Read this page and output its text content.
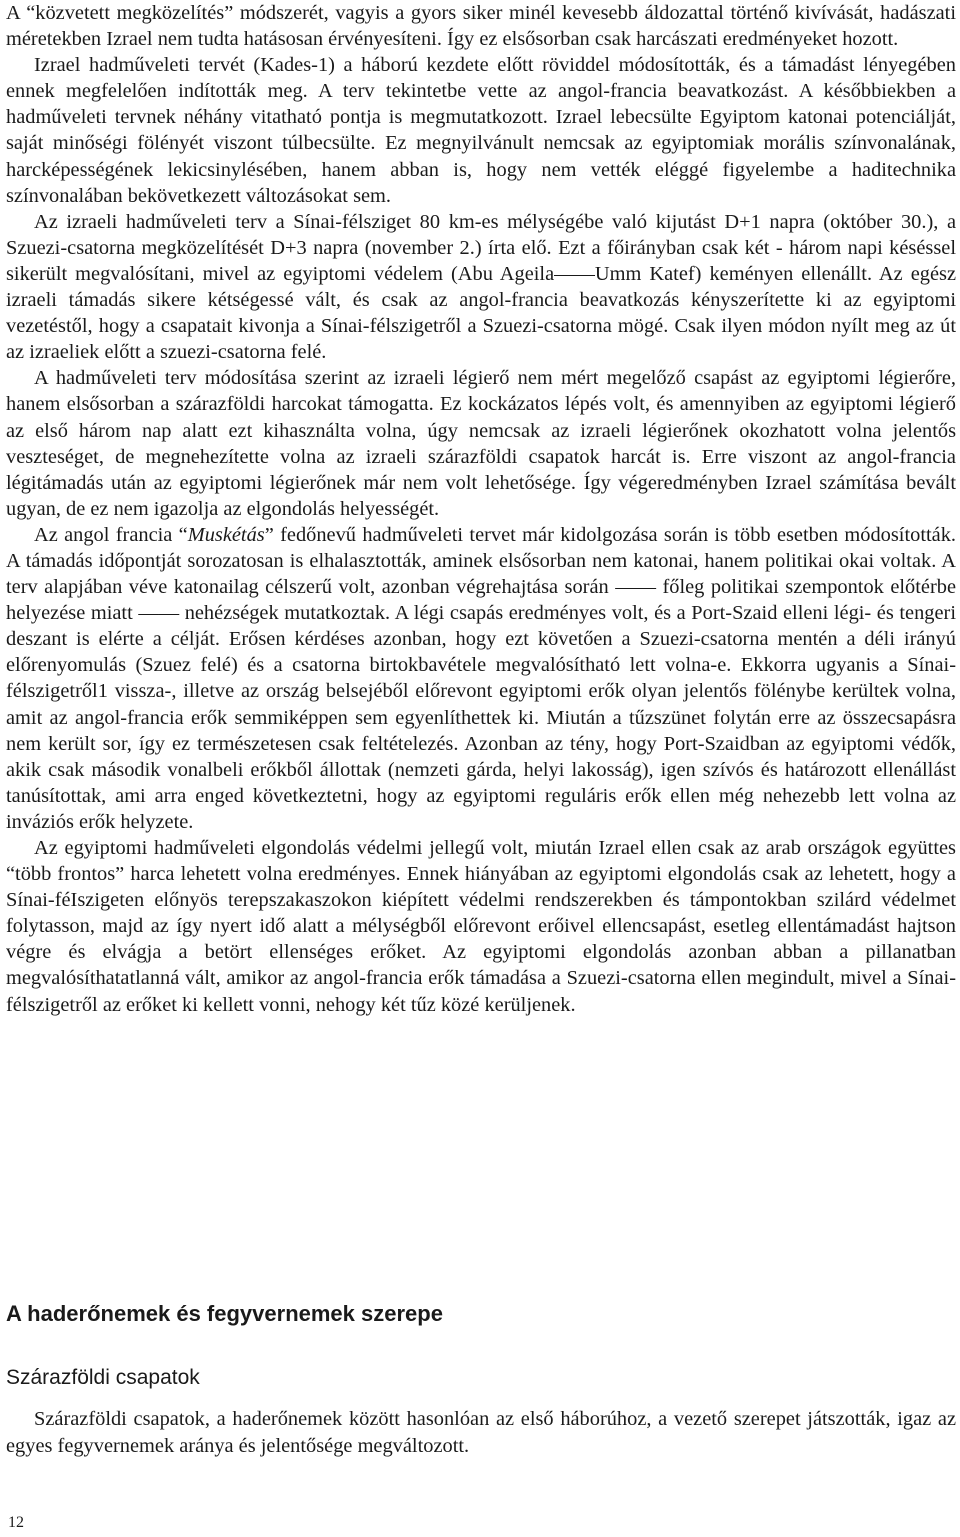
A “közvetett megközelítés” módszerét, vagyis a gyors siker minél kevesebb áldozattal történő kivívását, hadászati méretekben Izrael nem tudta hatásosan érvényesíteni. Így ez elsősorban csak harcászati eredményeket hozott.

Izrael hadműveleti tervét (Kades-1) a háború kezdete előtt röviddel módosították, és a támadást lényegében ennek megfelelően indították meg. A terv tekintetbe vette az angol-francia beavatkozást. A későbbiekben a hadműveleti tervnek néhány vitatható pontja is megmutatkozott. Izrael lebecsülte Egyiptom katonai potenciálját, saját minőségi fölényét viszont túlbecsülte. Ez megnyilvánult nemcsak az egyiptomiak morális színvonalának, harcképességének lekicsinylésében, hanem abban is, hogy nem vették eléggé figyelembe a haditechnika színvonalában bekövetkezett változásokat sem.

Az izraeli hadműveleti terv a Sínai-félsziget 80 km-es mélységébe való kijutást D+1 napra (október 30.), a Szuezi-csatorna megközelítését D+3 napra (november 2.) írta elő. Ezt a főirányban csak két - három napi késéssel sikerült megvalósítani, mivel az egyiptomi védelem (Abu Ageila——Umm Katef) keményen ellenállt. Az egész izraeli támadás sikere kétségessé vált, és csak az angol-francia beavatkozás kényszerítette ki az egyiptomi vezetéstől, hogy a csapatait kivonja a Sínai-félszigetről a Szuezi-csatorna mögé. Csak ilyen módon nyílt meg az út az izraeliek előtt a szuezi-csatorna felé.

A hadműveleti terv módosítása szerint az izraeli légierő nem mért megelőző csapást az egyiptomi légierőre, hanem elsősorban a szárazföldi harcokat támogatta. Ez kockázatos lépés volt, és amennyiben az egyiptomi légierő az első három nap alatt ezt kihasználta volna, úgy nemcsak az izraeli légierőnek okozhatott volna jelentős veszteséget, de megnehezítette volna az izraeli szárazföldi csapatok harcát is. Erre viszont az angol-francia légitámadás után az egyiptomi légierőnek már nem volt lehetősége. Így végeredményben Izrael számítása bevált ugyan, de ez nem igazolja az elgondolás helyességét.

Az angol francia “Muskétás” fedőnevű hadműveleti tervet már kidolgozása során is több esetben módosították. A támadás időpontját sorozatosan is elhalasztották, aminek elsősorban nem katonai, hanem politikai okai voltak. A terv alapjában véve katonailag célszerű volt, azonban végrehajtása során —— főleg politikai szempontok előtérbe helyezése miatt —— nehézségek mutatkoztak. A légi csapás eredményes volt, és a Port-Szaid elleni légi- és tengeri deszant is elérte a célját. Erősen kérdéses azonban, hogy ezt követően a Szuezi-csatorna mentén a déli irányú előrenyomulás (Szuez felé) és a csatorna birtokbavétele megvalósítható lett volna-e. Ekkorra ugyanis a Sínai-félszigetről1 vissza-, illetve az ország belsejéből előrevont egyiptomi erők olyan jelentős fölénybe kerültek volna, amit az angol-francia erők semmiképpen sem egyenlíthettek ki. Miután a tűzszünet folytán erre az összecsapásra nem került sor, így ez természetesen csak feltételezés. Azonban az tény, hogy Port-Szaidban az egyiptomi védők, akik csak második vonalbeli erőkből állottak (nemzeti gárda, helyi lakosság), igen szívós és határozott ellenállást tanúsítottak, ami arra enged következtetni, hogy az egyiptomi reguláris erők ellen még nehezebb lett volna az inváziós erők helyzete.

Az egyiptomi hadműveleti elgondolás védelmi jellegű volt, miután Izrael ellen csak az arab országok együttes “több frontos” harca lehetett volna eredményes. Ennek hiányában az egyiptomi elgondolás csak az lehetett, hogy a Sínai-féIszigeten előnyös terepszakaszokon kiépített védelmi rendszerekben és támpontokban szilárd védelmet folytasson, majd az így nyert idő alatt a mélységből előrevont erőivel ellencsapást, esetleg ellentámadást hajtson végre és elvágja a betört ellenséges erőket. Az egyiptomi elgondolás azonban abban a pillanatban megvalósíthatatlanná vált, amikor az angol-francia erők támadása a Szuezi-csatorna ellen megindult, mivel a Sínai-félszigetről az erőket ki kellett vonni, nehogy két tűz közé kerüljenek.

A haderőnemek és fegyvernemek szerepe
Szárazföldi csapatok

Szárazföldi csapatok, a haderőnemek között hasonlóan az első háborúhoz, a vezető szerepet játszották, igaz az egyes fegyvernemek aránya és jelentősége megváltozott.

12
